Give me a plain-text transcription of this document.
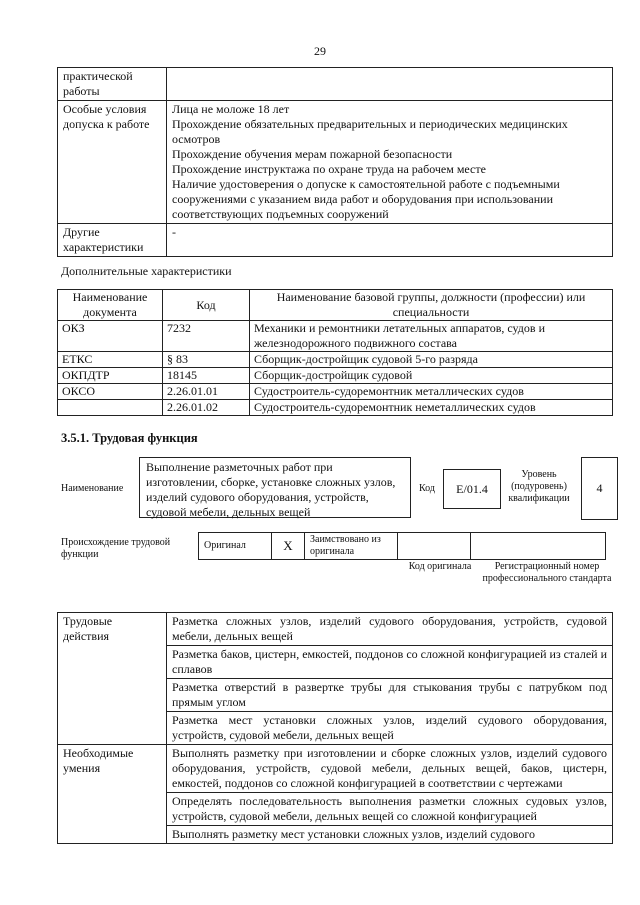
29
практической работы	
Особые условия допуска к работе	Лица не моложе 18 лет
Прохождение обязательных предварительных и периодических медицинских осмотров
Прохождение обучения мерам пожарной безопасности
Прохождение инструктажа по охране труда на рабочем месте
Наличие удостоверения о допуске к самостоятельной работе с подъемными сооружениями с указанием вида работ и оборудования при использовании соответствующих подъемных сооружений

Другие характеристики	-
Дополнительные характеристики
Наименование документа	Код	Наименование базовой группы, должности (профессии) или специальности
ОКЗ	7232	Механики и ремонтники летательных аппаратов, судов и железнодорожного подвижного состава
ЕТКС	§ 83	Сборщик-достройщик судовой 5-го разряда
ОКПДТР	18145	Сборщик-достройщик судовой
ОКСО	2.26.01.01	Судостроитель-судоремонтник металлических судов
	2.26.01.02	Судостроитель-судоремонтник неметаллических судов
3.5.1. Трудовая функция
Наименование
Выполнение разметочных работ при изготовлении, сборке, установке сложных узлов, изделий судового оборудования, устройств, судовой мебели, дельных вещей
Код	E/01.4
Уровень (подуровень) квалификации
4
Происхождение трудовой функции
Оригинал	X	Заимствовано из оригинала		
Код оригинала	Регистрационный номер профессионального стандарта
Трудовые действия	Разметка сложных узлов, изделий судового оборудования, устройств, судовой мебели, дельных вещей
	Разметка баков, цистерн, емкостей, поддонов со сложной конфигурацией из сталей и сплавов
	Разметка отверстий в развертке трубы для стыкования трубы с патрубком под прямым углом
	Разметка мест установки сложных узлов, изделий судового оборудования, устройств, судовой мебели, дельных вещей
Необходимые умения	Выполнять разметку при изготовлении и сборке сложных узлов, изделий судового оборудования, устройств, судовой мебели, дельных вещей, баков, цистерн, емкостей, поддонов со сложной конфигурацией в соответствии с чертежами
	Определять последовательность выполнения разметки сложных судовых узлов, устройств, судовой мебели, дельных вещей со сложной конфигурацией
	Выполнять разметку мест установки сложных узлов, изделий судового
